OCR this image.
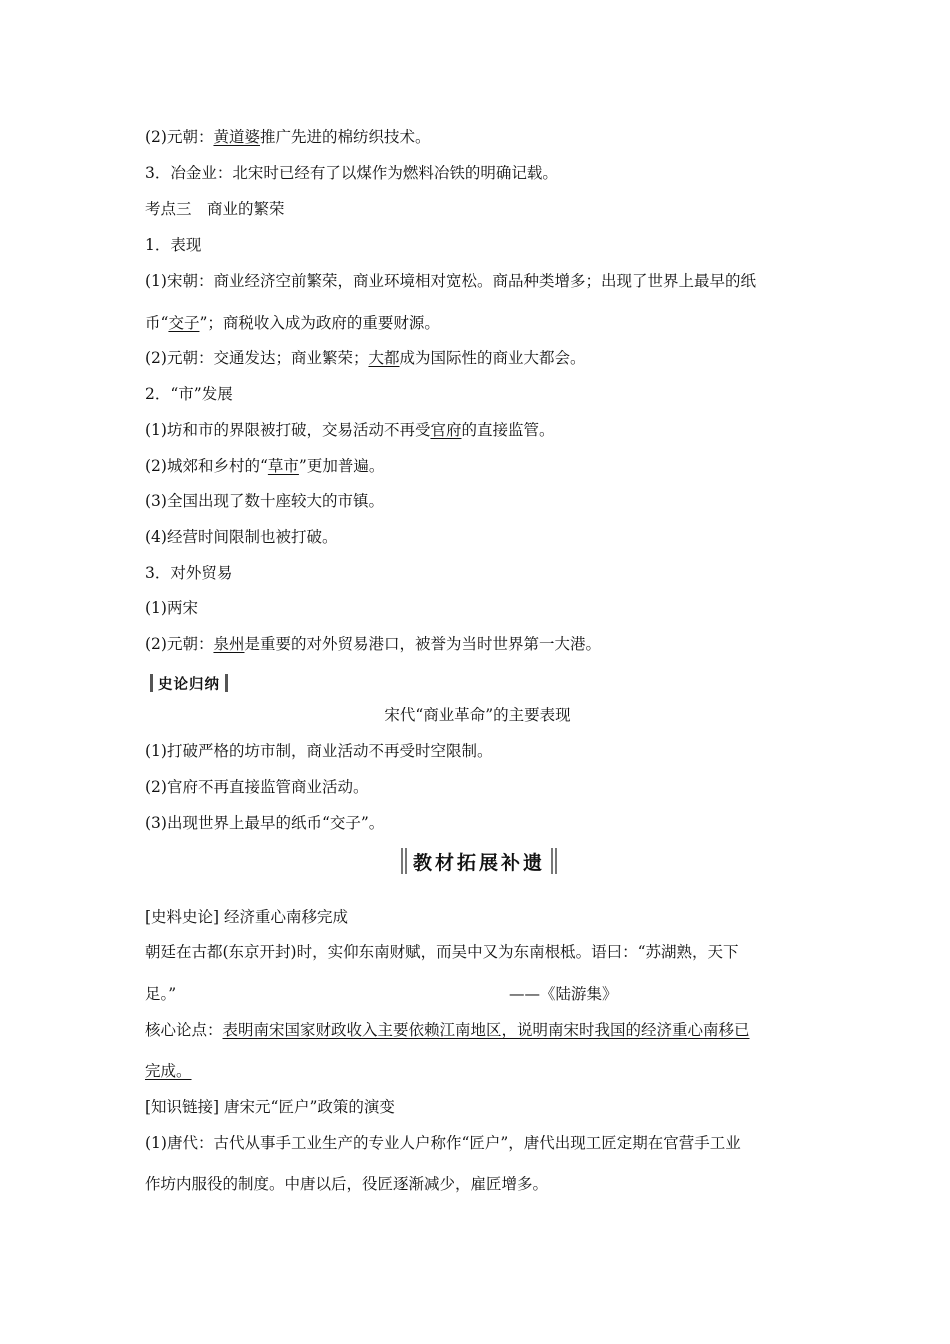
(2)元朝：黄道婆推广先进的棉纺织技术。
3．冶金业：北宋时已经有了以煤作为燃料冶铁的明确记载。
考点三　商业的繁荣
1．表现
(1)宋朝：商业经济空前繁荣，商业环境相对宽松。商品种类增多；出现了世界上最早的纸
币“交子”；商税收入成为政府的重要财源。
(2)元朝：交通发达；商业繁荣；大都成为国际性的商业大都会。
2．“市”发展
(1)坊和市的界限被打破，交易活动不再受官府的直接监管。
(2)城郊和乡村的“草市”更加普遍。
(3)全国出现了数十座较大的市镇。
(4)经营时间限制也被打破。
3．对外贸易
(1)两宋
(2)元朝：泉州是重要的对外贸易港口，被誉为当时世界第一大港。
史论归纳
宋代“商业革命”的主要表现
(1)打破严格的坊市制，商业活动不再受时空限制。
(2)官府不再直接监管商业活动。
(3)出现世界上最早的纸币“交子”。
教材拓展补遗
[史料史论] 经济重心南移完成
朝廷在古都(东京开封)时，实仰东南财赋，而吴中又为东南根柢。语曰：“苏湖熟，天下
足。”	——《陆游集》
核心论点：表明南宋国家财政收入主要依赖江南地区，说明南宋时我国的经济重心南移已
完成。
[知识链接] 唐宋元“匠户”政策的演变
(1)唐代：古代从事手工业生产的专业人户称作“匠户”，唐代出现工匠定期在官营手工业
作坊内服役的制度。中唐以后，役匠逐渐减少，雇匠增多。
